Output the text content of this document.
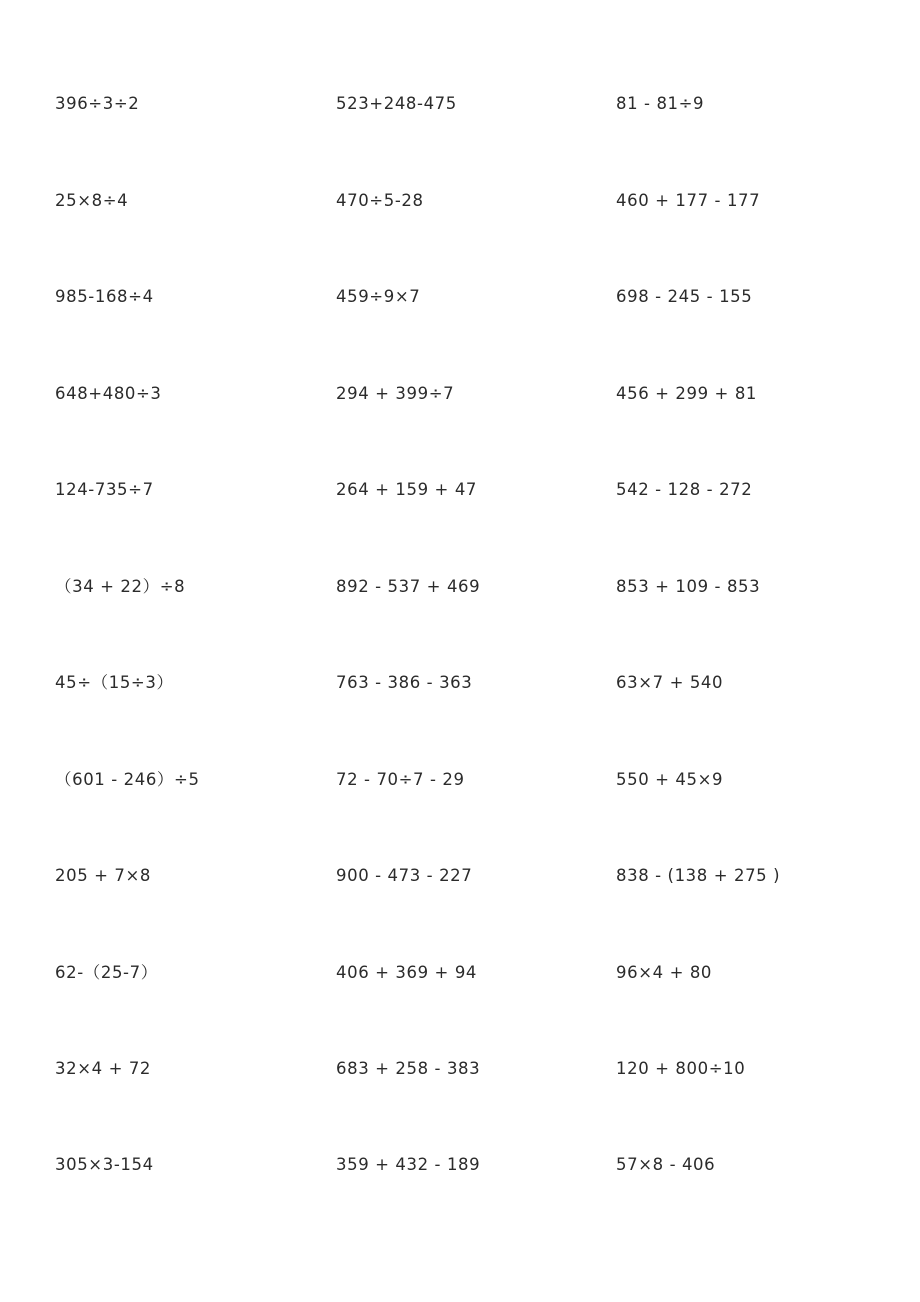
396÷3÷2	523+248-475	81 - 81÷9
25×8÷4	470÷5-28	460 + 177 - 177
985-168÷4	459÷9×7	698 - 245 - 155
648+480÷3	294 + 399÷7	456 + 299 + 81
124-735÷7	264 + 159 + 47	542 - 128 - 272
（34 + 22）÷8	892 - 537 + 469	853 + 109 - 853
45÷（15÷3）	763 - 386 - 363	63×7 + 540
（601 - 246）÷5	72 - 70÷7 - 29	550 + 45×9
205 + 7×8	900 - 473 - 227	838 - (138 + 275 )
62-（25-7）	406 + 369 + 94	96×4 + 80
32×4 + 72	683 + 258 - 383	120 + 800÷10
305×3-154	359 + 432 - 189	57×8 - 406
